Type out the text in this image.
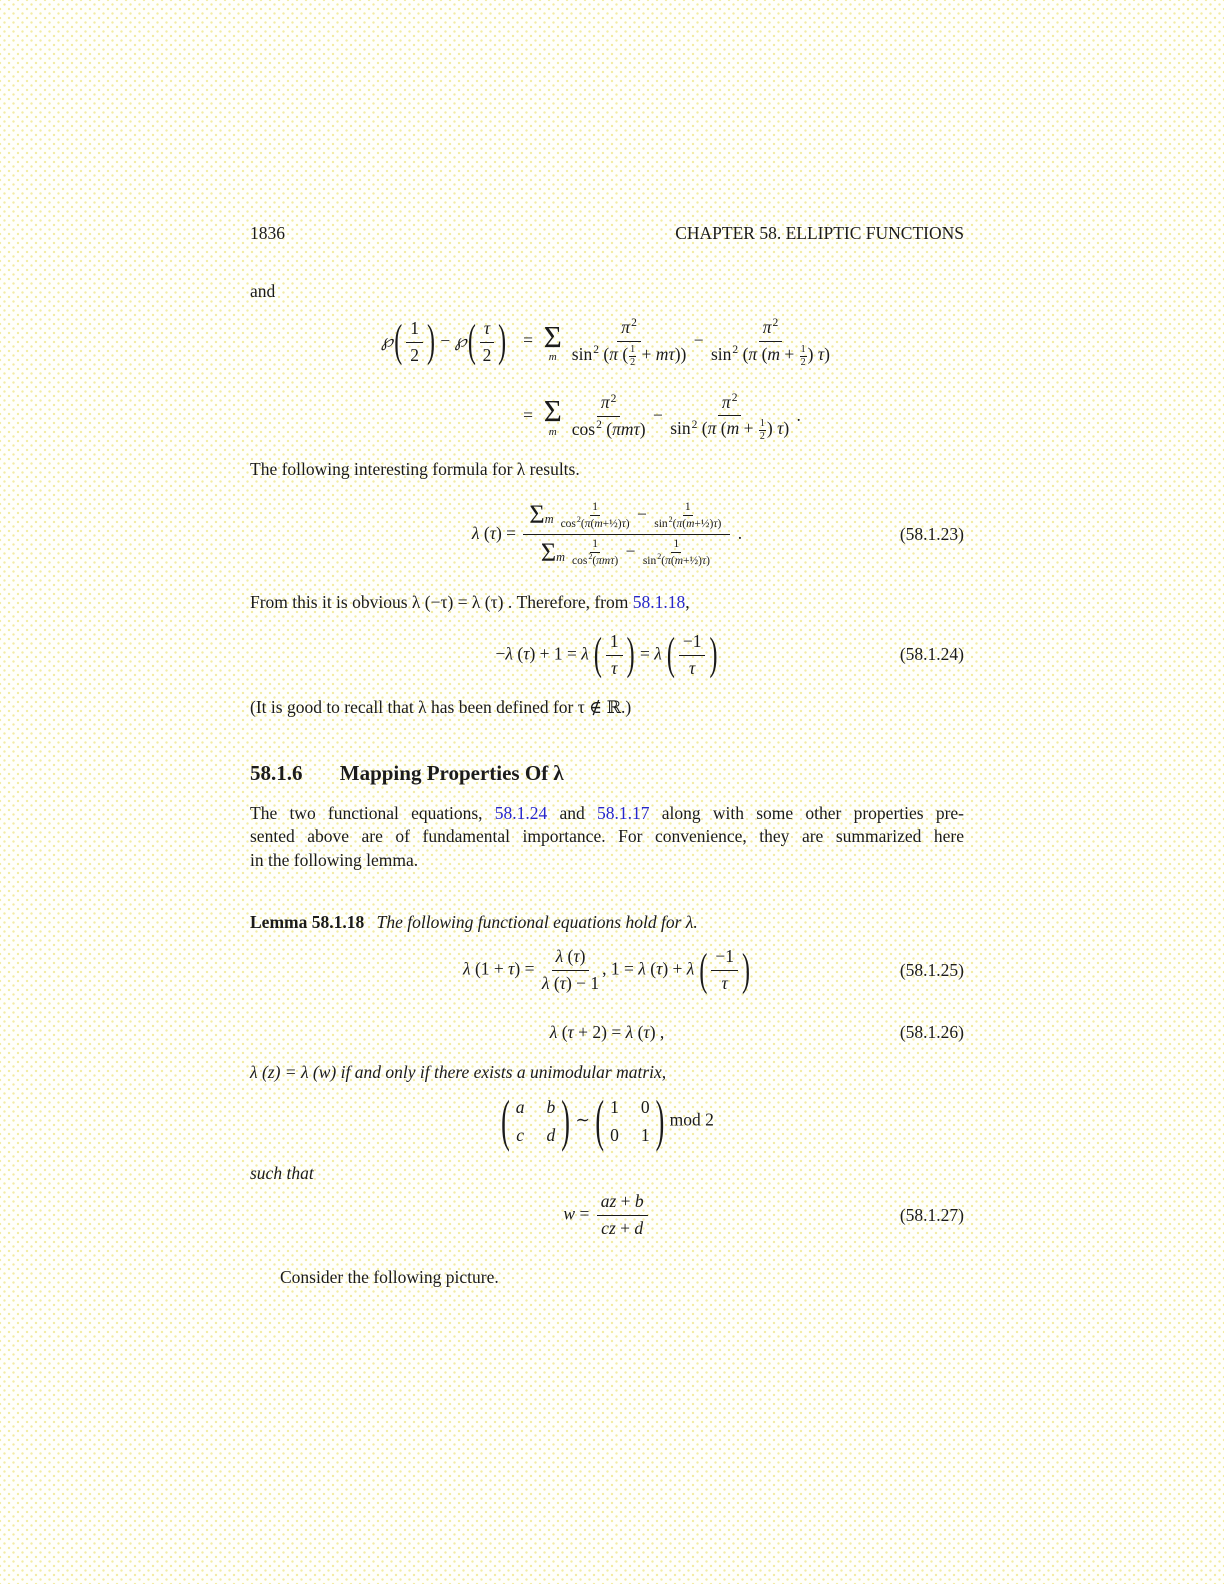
1836	CHAPTER 58. ELLIPTIC FUNCTIONS

and

℘( $\frac{1}{2}$ ) − ℘( $\frac{\tau}{2}$ ) = Σ
m $\frac{\pi^2}{\sin^2 (\pi ( \frac{1}{2} + m\tau))} - \frac{\pi^2}{\sin^2 (\pi (m + \frac{1}{2} ) \tau)}$
= Σ
m $\frac{\pi^2}{\cos^2 (\pi m\tau)} - \frac{\pi^2}{\sin^2 (\pi (m + \frac{1}{2} ) \tau)}$ .

The following interesting formula for λ results.

λ $(\tau) = \frac{\Sigma m \frac{1}{\cos^2(\pi(m+\frac{1}{2})\tau)} - \frac{1}{\sin^2(\pi(m+\frac{1}{2})\tau)}}{\Sigma m \frac{1}{\cos^2(\pi m\tau)} - \frac{1}{\sin^2(\pi(m+\frac{1}{2})\tau)}}$ .	(58.1.23)

From this it is obvious λ (−τ) = λ (τ) . Therefore, from 58.1.18,

−λ (τ) + 1 = λ ( $\frac{1}{\tau}$ ) = λ ( $\frac{-1}{\tau}$ )	(58.1.24)

(It is good to recall that λ has been defined for τ ∉ ℝ.)

58.1.6 Mapping Properties Of λ
The two functional equations, 58.1.24 and 58.1.17 along with some other properties pre-
sented above are of fundamental importance. For convenience, they are summarized here
in the following lemma.
Lemma 58.1.18 The following functional equations hold for λ.
λ $(1 + \tau) = \frac{\lambda (\tau)}{\lambda (\tau) - 1}$ , 1 = λ (τ) + λ ( $\frac{-1}{\tau}$ )	(58.1.25)
λ (τ + 2) = λ (τ) ,	(58.1.26)

λ (z) = λ (w) if and only if there exists a unimodular matrix,

( a b
c d ) ∼ ( 1 0
0 1 ) mod 2

such that

$w = \frac{az + b}{cz + d}$	(58.1.27)

Consider the following picture.
